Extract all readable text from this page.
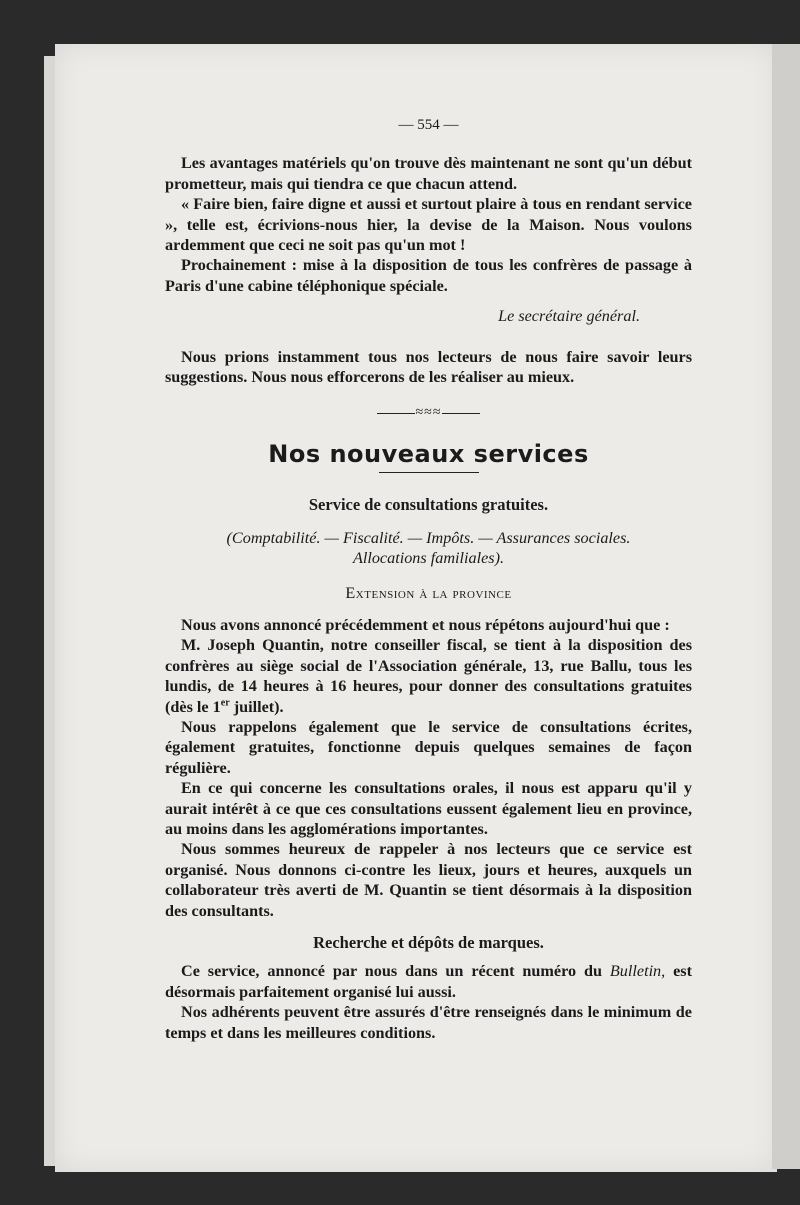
— 554 —

Les avantages matériels qu'on trouve dès maintenant ne sont qu'un début prometteur, mais qui tiendra ce que chacun attend.

« Faire bien, faire digne et aussi et surtout plaire à tous en rendant service », telle est, écrivions-nous hier, la devise de la Maison. Nous voulons ardemment que ceci ne soit pas qu'un mot !

Prochainement : mise à la disposition de tous les confrères de passage à Paris d'une cabine téléphonique spéciale.

Le secrétaire général.

Nous prions instamment tous nos lecteurs de nous faire savoir leurs suggestions. Nous nous efforcerons de les réaliser au mieux.

≈≈≈
Nos nouveaux services
Service de consultations gratuites.
(Comptabilité. — Fiscalité. — Impôts. — Assurances sociales.
Allocations familiales).
Extension à la province

Nous avons annoncé précédemment et nous répétons aujourd'hui que :

M. Joseph Quantin, notre conseiller fiscal, se tient à la disposition des confrères au siège social de l'Association générale, 13, rue Ballu, tous les lundis, de 14 heures à 16 heures, pour donner des consultations gratuites (dès le 1er juillet).

Nous rappelons également que le service de consultations écrites, également gratuites, fonctionne depuis quelques semaines de façon régulière.

En ce qui concerne les consultations orales, il nous est apparu qu'il y aurait intérêt à ce que ces consultations eussent également lieu en province, au moins dans les agglomérations importantes.

Nous sommes heureux de rappeler à nos lecteurs que ce service est organisé. Nous donnons ci-contre les lieux, jours et heures, auxquels un collaborateur très averti de M. Quantin se tient désormais à la disposition des consultants.

Recherche et dépôts de marques.

Ce service, annoncé par nous dans un récent numéro du Bulletin, est désormais parfaitement organisé lui aussi.

Nos adhérents peuvent être assurés d'être renseignés dans le minimum de temps et dans les meilleures conditions.
